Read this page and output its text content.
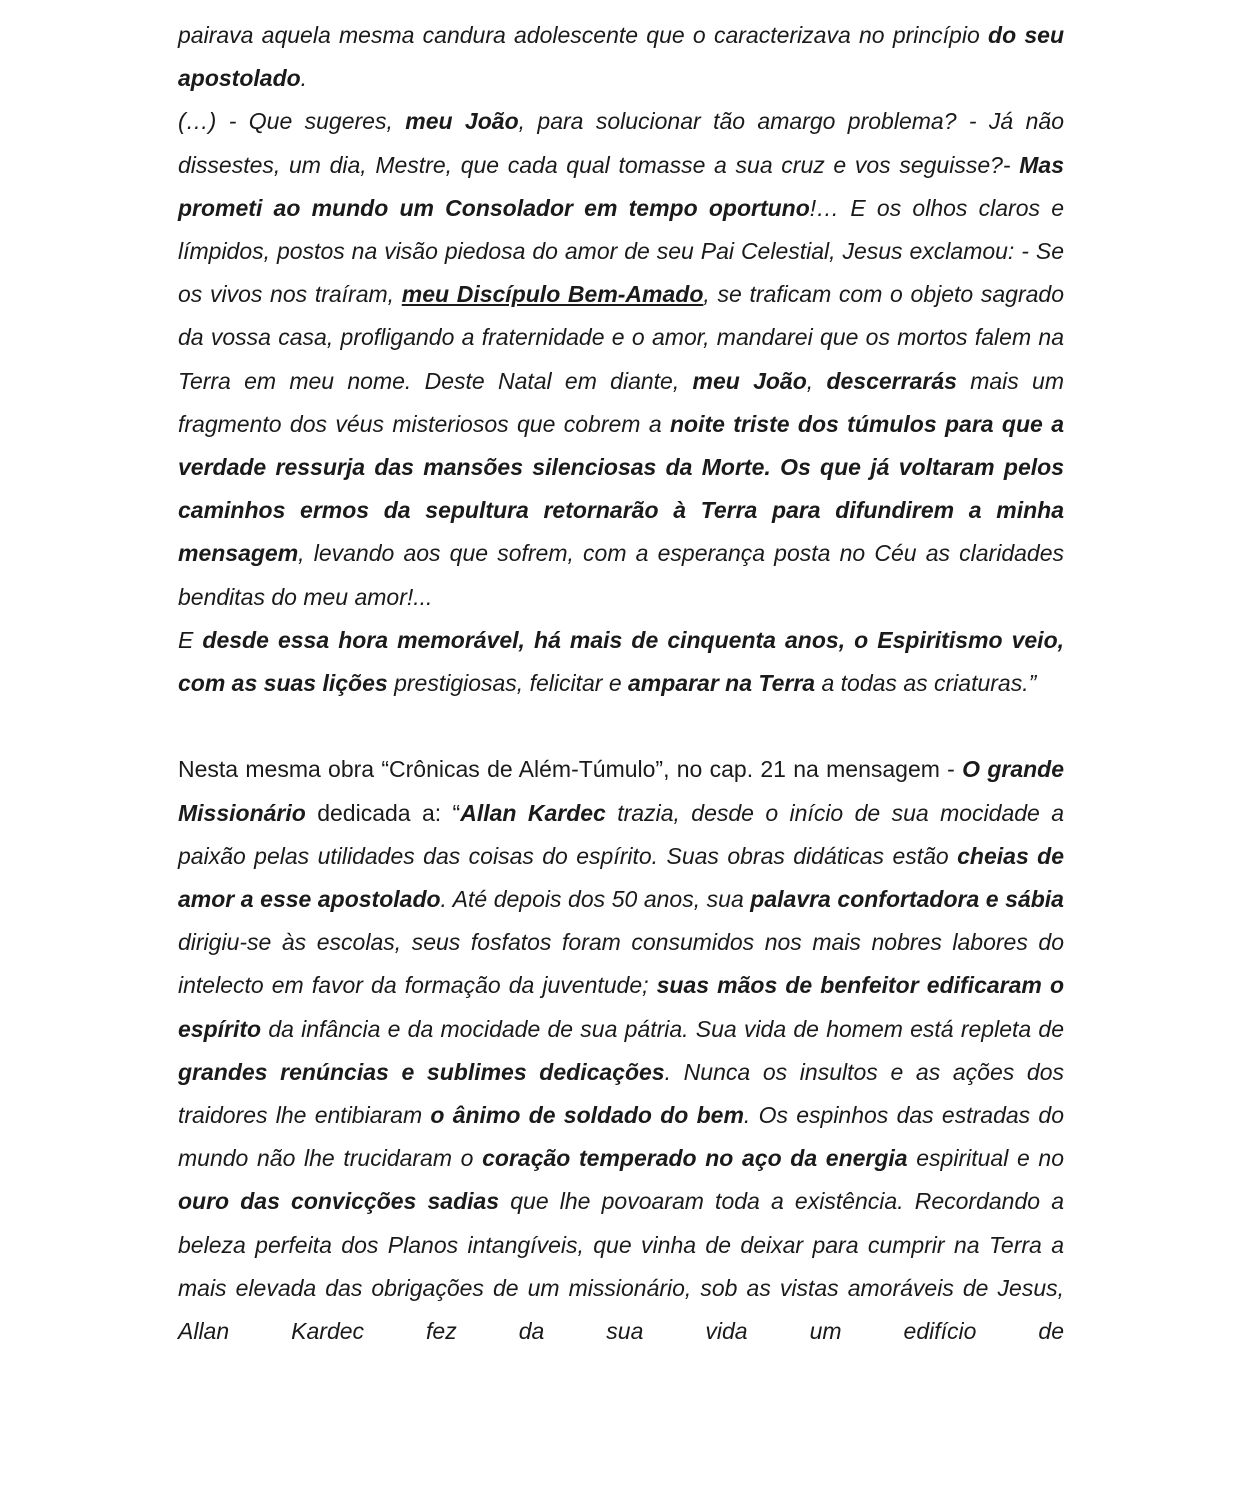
pairava aquela mesma candura adolescente que o caracterizava no princípio do seu apostolado.

(…) - Que sugeres, meu João, para solucionar tão amargo problema? - Já não dissestes, um dia, Mestre, que cada qual tomasse a sua cruz e vos seguisse?- Mas prometi ao mundo um Consolador em tempo oportuno!… E os olhos claros e límpidos, postos na visão piedosa do amor de seu Pai Celestial, Jesus exclamou: - Se os vivos nos traíram, meu Discípulo Bem-Amado, se traficam com o objeto sagrado da vossa casa, profligando a fraternidade e o amor, mandarei que os mortos falem na Terra em meu nome. Deste Natal em diante, meu João, descerrarás mais um fragmento dos véus misteriosos que cobrem a noite triste dos túmulos para que a verdade ressurja das mansões silenciosas da Morte. Os que já voltaram pelos caminhos ermos da sepultura retornarão à Terra para difundirem a minha mensagem, levando aos que sofrem, com a esperança posta no Céu as claridades benditas do meu amor!...

E desde essa hora memorável, há mais de cinquenta anos, o Espiritismo veio, com as suas lições prestigiosas, felicitar e amparar na Terra a todas as criaturas.”

Nesta mesma obra “Crônicas de Além-Túmulo”, no cap. 21 na mensagem - O grande Missionário dedicada a: “Allan Kardec trazia, desde o início de sua mocidade a paixão pelas utilidades das coisas do espírito. Suas obras didáticas estão cheias de amor a esse apostolado. Até depois dos 50 anos, sua palavra confortadora e sábia dirigiu-se às escolas, seus fosfatos foram consumidos nos mais nobres labores do intelecto em favor da formação da juventude; suas mãos de benfeitor edificaram o espírito da infância e da mocidade de sua pátria. Sua vida de homem está repleta de grandes renúncias e sublimes dedicações. Nunca os insultos e as ações dos traidores lhe entibiaram o ânimo de soldado do bem. Os espinhos das estradas do mundo não lhe trucidaram o coração temperado no aço da energia espiritual e no ouro das convicções sadias que lhe povoaram toda a existência. Recordando a beleza perfeita dos Planos intangíveis, que vinha de deixar para cumprir na Terra a mais elevada das obrigações de um missionário, sob as vistas amoráveis de Jesus, Allan Kardec fez da sua vida um edifício de
